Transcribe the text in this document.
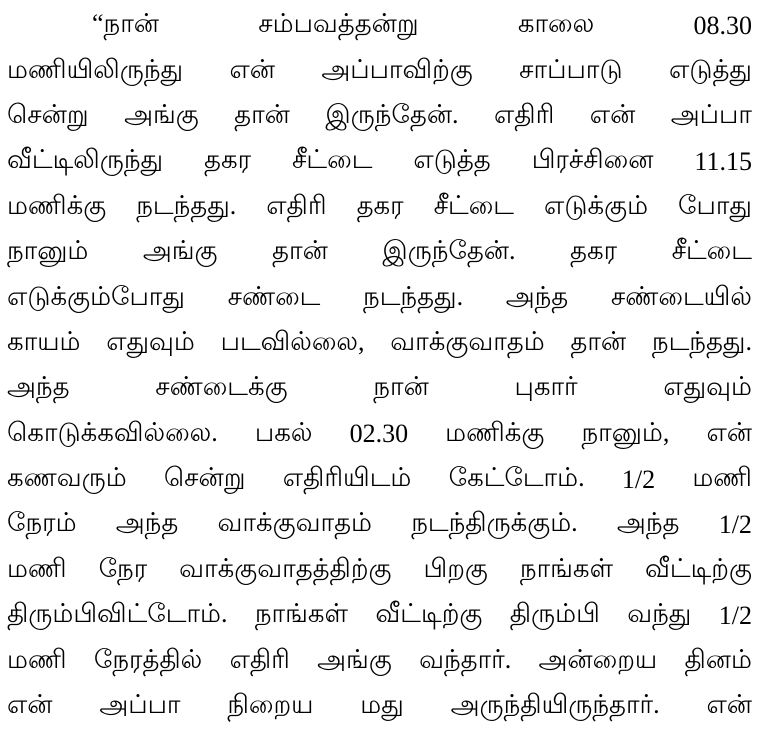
“நான்	சம்பவத்தன்று	காலை	08.30
மணியிலிருந்து என் அப்பாவிற்கு சாப்பாடு எடுத்து
சென்று அங்கு தான் இருந்தேன். எதிரி என் அப்பா
வீட்டிலிருந்து தகர சீட்டை எடுத்த பிரச்சினை 11.15
மணிக்கு நடந்தது. எதிரி தகர சீட்டை எடுக்கும் போது
நானும் அங்கு தான் இருந்தேன். தகர சீட்டை
எடுக்கும்போது சண்டை நடந்தது. அந்த சண்டையில்
காயம் எதுவும் படவில்லை, வாக்குவாதம் தான் நடந்தது.
அந்த	சண்டைக்கு	நான்	புகார்	எதுவும்
கொடுக்கவில்லை. பகல் 02.30 மணிக்கு நானும், என்
கணவரும் சென்று எதிரியிடம் கேட்டோம். 1/2 மணி
நேரம் அந்த வாக்குவாதம் நடந்திருக்கும். அந்த 1/2
மணி நேர வாக்குவாதத்திற்கு பிறகு நாங்கள் வீட்டிற்கு
திரும்பிவிட்டோம். நாங்கள் வீட்டிற்கு திரும்பி வந்து 1/2
மணி நேரத்தில் எதிரி அங்கு வந்தார். அன்றைய தினம்
என் அப்பா நிறைய மது அருந்தியிருந்தார். என்
